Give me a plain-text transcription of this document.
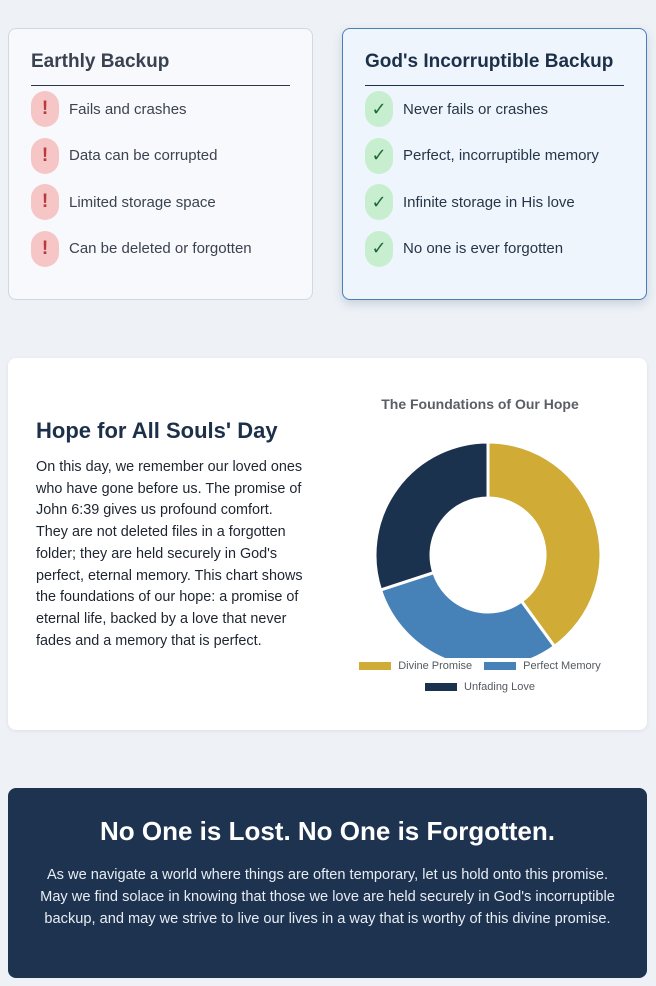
Earthly Backup
!	Fails and crashes
!	Data can be corrupted
!	Limited storage space
!	Can be deleted or forgotten
God's Incorruptible Backup
✓	Never fails or crashes
✓	Perfect, incorruptible memory
✓	Infinite storage in His love
✓	No one is ever forgotten
Hope for All Souls' Day
On this day, we remember our loved ones who have gone before us. The promise of John 6:39 gives us profound comfort. They are not deleted files in a forgotten folder; they are held securely in God's perfect, eternal memory. This chart shows the foundations of our hope: a promise of eternal life, backed by a love that never fades and a memory that is perfect.
The Foundations of Our Hope
Divine Promise	Perfect Memory
Unfading Love
No One is Lost. No One is Forgotten.
As we navigate a world where things are often temporary, let us hold onto this promise. May we find solace in knowing that those we love are held securely in God's incorruptible backup, and may we strive to live our lives in a way that is worthy of this divine promise.
